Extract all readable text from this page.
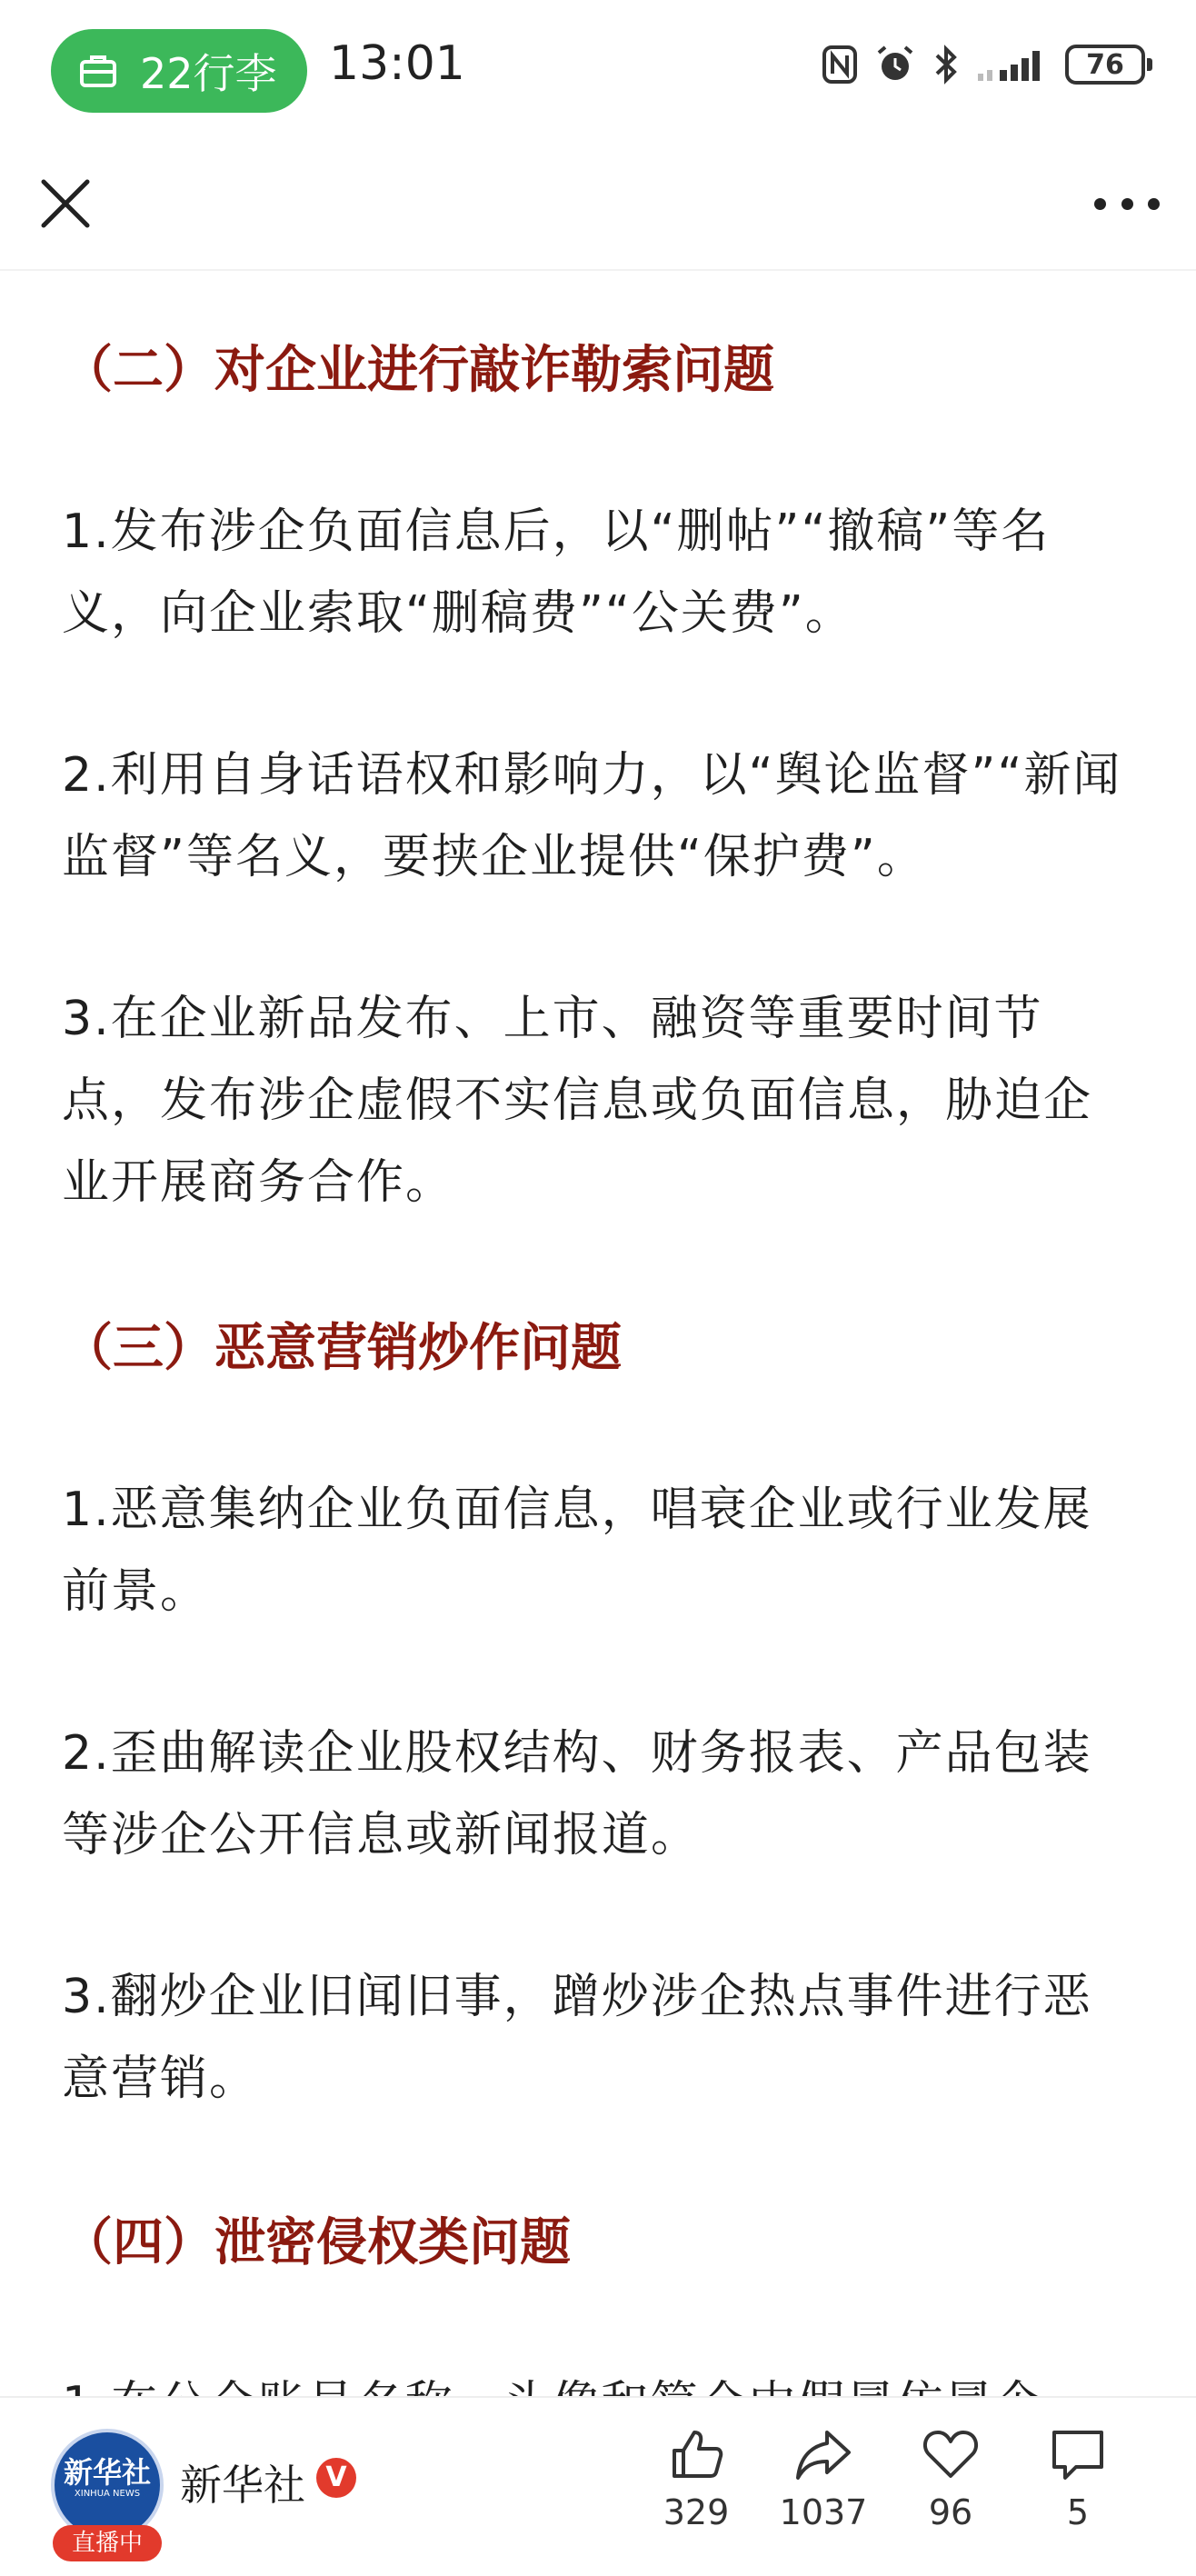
22行李 13:01	76
（二）对企业进行敲诈勒索问题
1.发布涉企负面信息后，以“删帖”“撤稿”等名义，向企业索取“删稿费”“公关费”。
2.利用自身话语权和影响力，以“舆论监督”“新闻监督”等名义，要挟企业提供“保护费”。
3.在企业新品发布、上市、融资等重要时间节点，发布涉企虚假不实信息或负面信息，胁迫企业开展商务合作。
（三）恶意营销炒作问题
1.恶意集纳企业负面信息，唱衰企业或行业发展前景。
2.歪曲解读企业股权结构、财务报表、产品包装等涉企公开信息或新闻报道。
3.翻炒企业旧闻旧事，蹭炒涉企热点事件进行恶意营销。
（四）泄密侵权类问题
新华社
XINHUA NEWS
直播中
新华社 V
329	1037	96	5
